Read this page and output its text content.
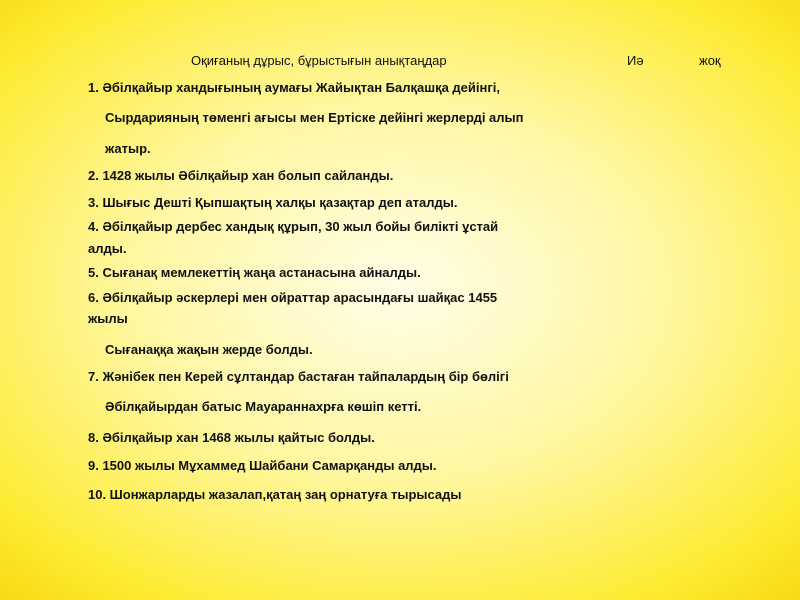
Оқиғаның дұрыс, бұрыстығын анықтаңдар	Иә	жоқ
1. Әбілқайыр хандығының аумағы Жайықтан Балқашқа дейінгі,
Сырдарияның төменгі ағысы мен Ертіске дейінгі жерлерді алып
жатыр.
2. 1428 жылы Әбілқайыр хан болып сайланды.
3. Шығыс Дешті Қыпшақтың халқы қазақтар деп аталды.
4. Әбілқайыр дербес хандық құрып, 30 жыл бойы билікті ұстай
алды.
5. Сығанақ мемлекеттің жаңа астанасына айналды.
6. Әбілқайыр әскерлері мен ойраттар арасындағы шайқас 1455
жылы
Сығанаққа жақын жерде болды.
7. Жәнібек пен Керей сұлтандар бастаған тайпалардың бір бөлігі
Әбілқайырдан батыс Мауараннахрға көшіп кетті.
8. Әбілқайыр хан 1468 жылы қайтыс болды.
9. 1500 жылы Мұхаммед Шайбани Самарқанды алды.
10. Шонжарларды жазалап,қатаң заң орнатуға тырысады
